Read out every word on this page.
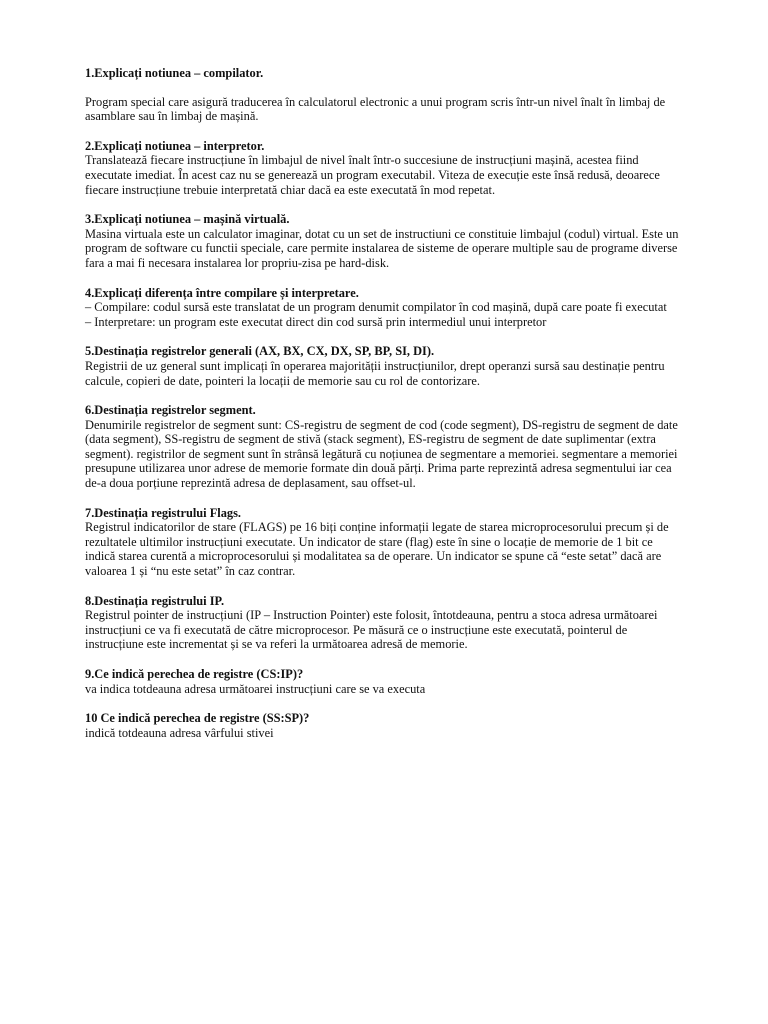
1.Explicați notiunea – compilator.

Program special care asigură traducerea în calculatorul electronic a unui program scris într-un nivel înalt în limbaj de asamblare sau în limbaj de mașină.

2.Explicați notiunea – interpretor.

Translatează fiecare instrucțiune în limbajul de nivel înalt într-o succesiune de instrucțiuni mașină, acestea fiind executate imediat. În acest caz nu se generează un program executabil. Viteza de execuție este însă redusă, deoarece fiecare instrucțiune trebuie interpretată chiar dacă ea este executată în mod repetat.

3.Explicați notiunea – mașină virtuală.

Masina virtuala este un calculator imaginar, dotat cu un set de instructiuni ce constituie limbajul (codul) virtual. Este un program de software cu functii speciale, care permite instalarea de sisteme de operare multiple sau de programe diverse fara a mai fi necesara instalarea lor propriu-zisa pe hard-disk.

4.Explicați diferența între compilare și interpretare.

– Compilare: codul sursă este translatat de un program denumit compilator în cod mașină, după care poate fi executat

– Interpretare: un program este executat direct din cod sursă prin intermediul unui interpretor

5.Destinația registrelor generali (AX, BX, CX, DX, SP, BP, SI, DI).

Registrii de uz general sunt implicați în operarea majorității instrucțiunilor, drept operanzi sursă sau destinație pentru calcule, copieri de date, pointeri la locații de memorie sau cu rol de contorizare.

6.Destinația registrelor segment.

Denumirile registrelor de segment sunt: CS-registru de segment de cod (code segment), DS-registru de segment de date (data segment), SS-registru de segment de stivă (stack segment), ES-registru de segment de date suplimentar (extra segment). registrilor de segment sunt în strânsă legătură cu noțiunea de segmentare a memoriei. segmentare a memoriei presupune utilizarea unor adrese de memorie formate din două părți. Prima parte reprezintă adresa segmentului iar cea de-a doua porțiune reprezintă adresa de deplasament, sau offset-ul.

7.Destinația registrului Flags.

Registrul indicatorilor de stare (FLAGS) pe 16 biți conține informații legate de starea microprocesorului precum și de rezultatele ultimilor instrucțiuni executate. Un indicator de stare (flag) este în sine o locație de memorie de 1 bit ce indică starea curentă a microprocesorului și modalitatea sa de operare. Un indicator se spune că “este setat” dacă are valoarea 1 și “nu este setat” în caz contrar.

8.Destinația registrului IP.

Registrul pointer de instrucțiuni (IP – Instruction Pointer) este folosit, întotdeauna, pentru a stoca adresa următoarei instrucțiuni ce va fi executată de către microprocesor. Pe măsură ce o instrucțiune este executată, pointerul de instrucțiune este incrementat și se va referi la următoarea adresă de memorie.

9.Ce indică perechea de registre (CS:IP)?

va indica totdeauna adresa următoarei instrucțiuni care se va executa

10 Ce indică perechea de registre (SS:SP)?

indică totdeauna adresa vârfului stivei
